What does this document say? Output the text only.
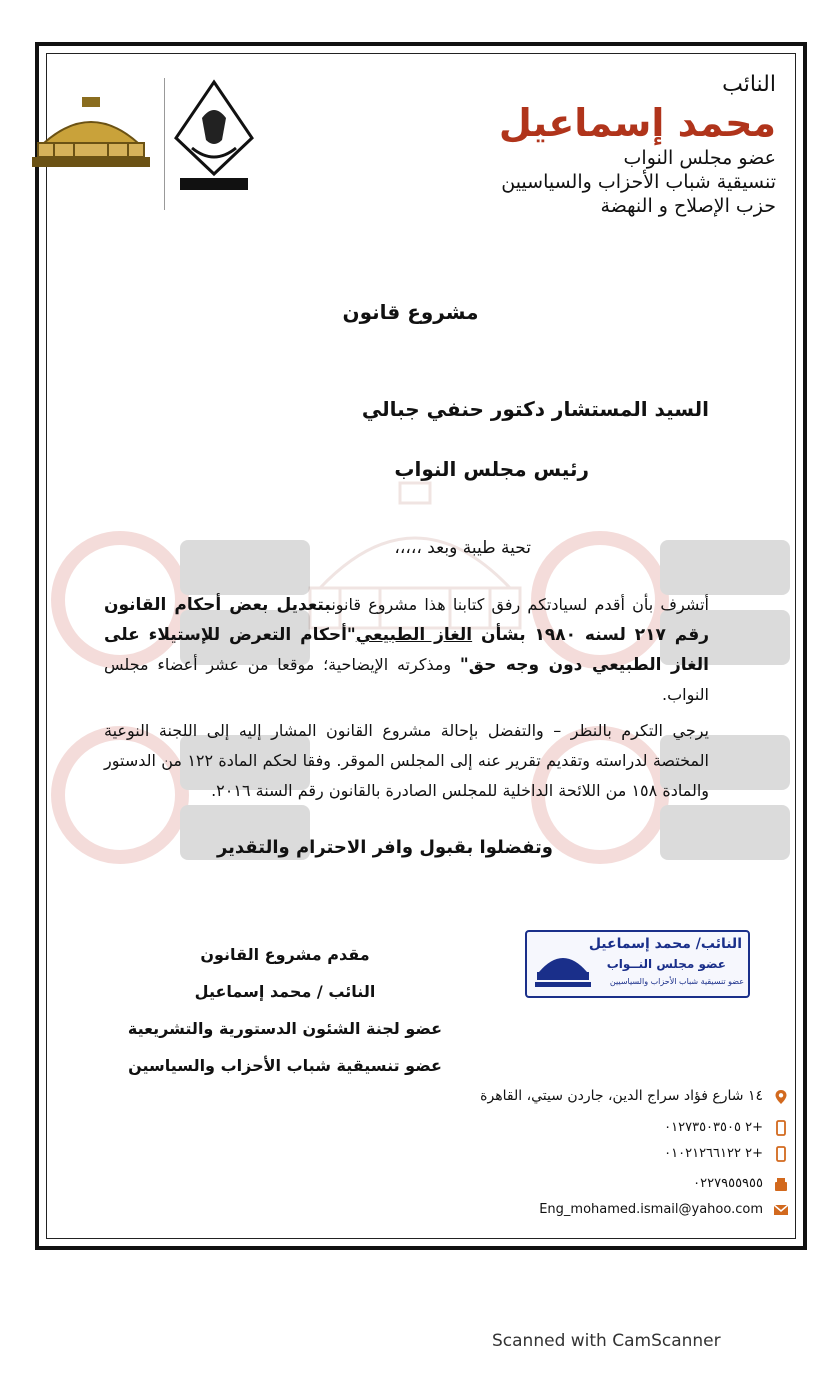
النائب
محمد إسماعيل
عضو مجلس النواب
تنسيقية شباب الأحزاب والسياسيين
حزب الإصلاح و النهضة
مشروع قانون
السيد المستشار دكتور حنفي جبالي
رئيس مجلس النواب
تحية طيبة وبعد ،،،،،
أتشرف بأن أقدم لسيادتكم رفق كتابنا هذا مشروع قانونبتعديل بعض أحكام القانون رقم ٢١٧ لسنه ١٩٨٠ بشأن الغاز الطبيعي"أحكام التعرض للإستيلاء على الغاز الطبيعي دون وجه حق" ومذكرته الإيضاحية؛ موقعا من عشر أعضاء مجلس النواب.
يرجي التكرم بالنظر – والتفضل بإحالة مشروع القانون المشار إليه إلى اللجنة النوعية المختصة لدراسته وتقديم تقرير عنه إلى المجلس الموقر. وفقا لحكم المادة ١٢٢ من الدستور والمادة ١٥٨ من اللائحة الداخلية للمجلس الصادرة بالقانون رقم السنة ٢٠١٦.
وتفضلوا بقبول وافر الاحترام والتقدير
مقدم مشروع القانون
النائب / محمد إسماعيل
عضو لجنة الشئون الدستورية والتشريعية
عضو تنسيقية شباب الأحزاب والسياسين
النائب/ محمد إسماعيل
عضو مجلس النــواب
عضو تنسيقية شباب الأحزاب والسياسيين
١٤ شارع فؤاد سراج الدين، جاردن سيتي، القاهرة
+٢ ٠١٢٧٣٥٠٣٥٠٥
+٢ ٠١٠٢١٢٦٦١٢٢
٠٢٢٧٩٥٥٩٥٥
Eng_mohamed.ismail@yahoo.com
Scanned with CamScanner
